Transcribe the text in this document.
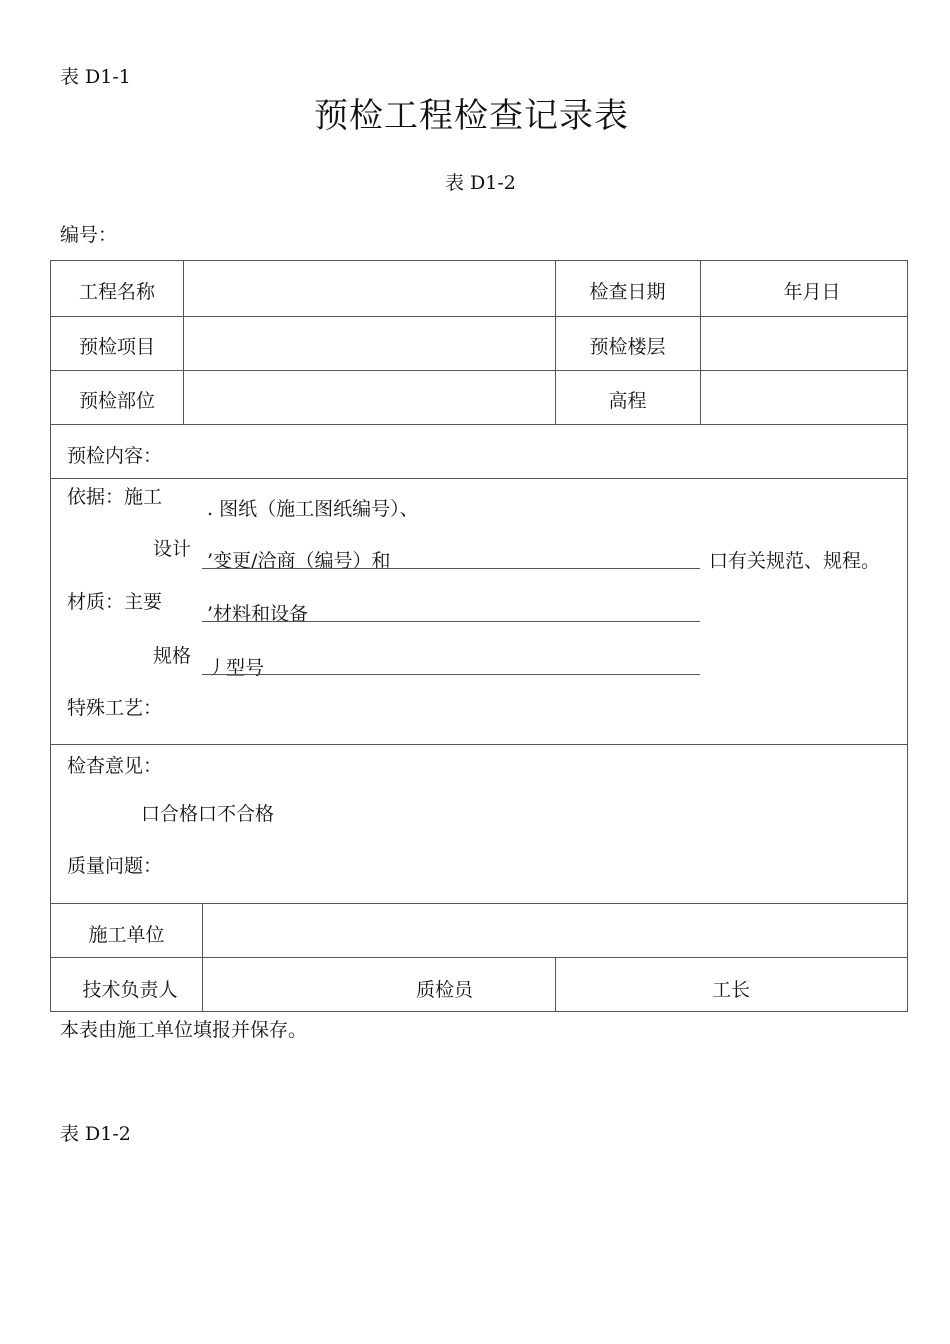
表 D1-1
预检工程检查记录表
表 D1-2
编号：
工程名称	检查日期	年月日
预检项目	预检楼层
预检部位	高程
预检内容：
依据：施工
. 图纸（施工图纸编号）、
设计
’变更/洽商（编号）和	口有关规范、规程。
材质：主要
’材料和设备
规格
丿型号
特殊工艺：
检杳意见：
口合格口不合格
质量问题：
施工单位
技术负责人	质检员	工长
本表由施工单位填报并保存。
表 D1-2
